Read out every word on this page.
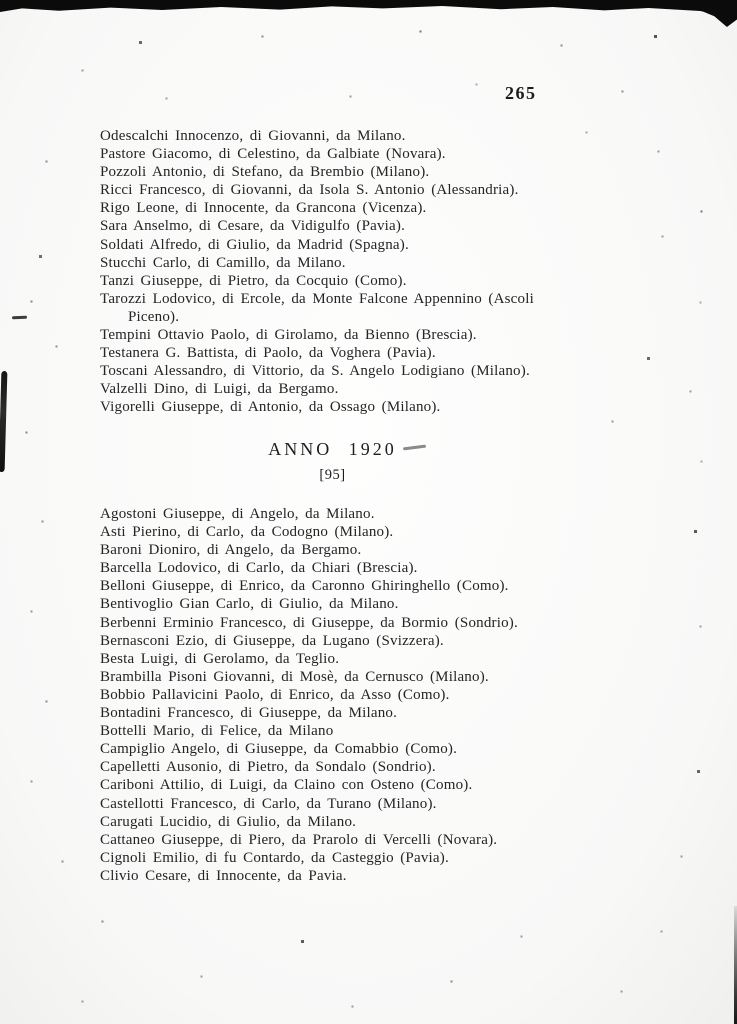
265
Odescalchi Innocenzo, di Giovanni, da Milano.
Pastore Giacomo, di Celestino, da Galbiate (Novara).
Pozzoli Antonio, di Stefano, da Brembio (Milano).
Ricci Francesco, di Giovanni, da Isola S. Antonio (Alessandria).
Rigo Leone, di Innocente, da Grancona (Vicenza).
Sara Anselmo, di Cesare, da Vidigulfo (Pavia).
Soldati Alfredo, di Giulio, da Madrid (Spagna).
Stucchi Carlo, di Camillo, da Milano.
Tanzi Giuseppe, di Pietro, da Cocquio (Como).
Tarozzi Lodovico, di Ercole, da Monte Falcone Appennino (Ascoli
Piceno).
Tempini Ottavio Paolo, di Girolamo, da Bienno (Brescia).
Testanera G. Battista, di Paolo, da Voghera (Pavia).
Toscani Alessandro, di Vittorio, da S. Angelo Lodigiano (Milano).
Valzelli Dino, di Luigi, da Bergamo.
Vigorelli Giuseppe, di Antonio, da Ossago (Milano).
ANNO 1920
[95]
Agostoni Giuseppe, di Angelo, da Milano.
Asti Pierino, di Carlo, da Codogno (Milano).
Baroni Dioniro, di Angelo, da Bergamo.
Barcella Lodovico, di Carlo, da Chiari (Brescia).
Belloni Giuseppe, di Enrico, da Caronno Ghiringhello (Como).
Bentivoglio Gian Carlo, di Giulio, da Milano.
Berbenni Erminio Francesco, di Giuseppe, da Bormio (Sondrio).
Bernasconi Ezio, di Giuseppe, da Lugano (Svizzera).
Besta Luigi, di Gerolamo, da Teglio.
Brambilla Pisoni Giovanni, di Mosè, da Cernusco (Milano).
Bobbio Pallavicini Paolo, di Enrico, da Asso (Como).
Bontadini Francesco, di Giuseppe, da Milano.
Bottelli Mario, di Felice, da Milano
Campiglio Angelo, di Giuseppe, da Comabbio (Como).
Capelletti Ausonio, di Pietro, da Sondalo (Sondrio).
Cariboni Attilio, di Luigi, da Claino con Osteno (Como).
Castellotti Francesco, di Carlo, da Turano (Milano).
Carugati Lucidio, di Giulio, da Milano.
Cattaneo Giuseppe, di Piero, da Prarolo di Vercelli (Novara).
Cignoli Emilio, di fu Contardo, da Casteggio (Pavia).
Clivio Cesare, di Innocente, da Pavia.
